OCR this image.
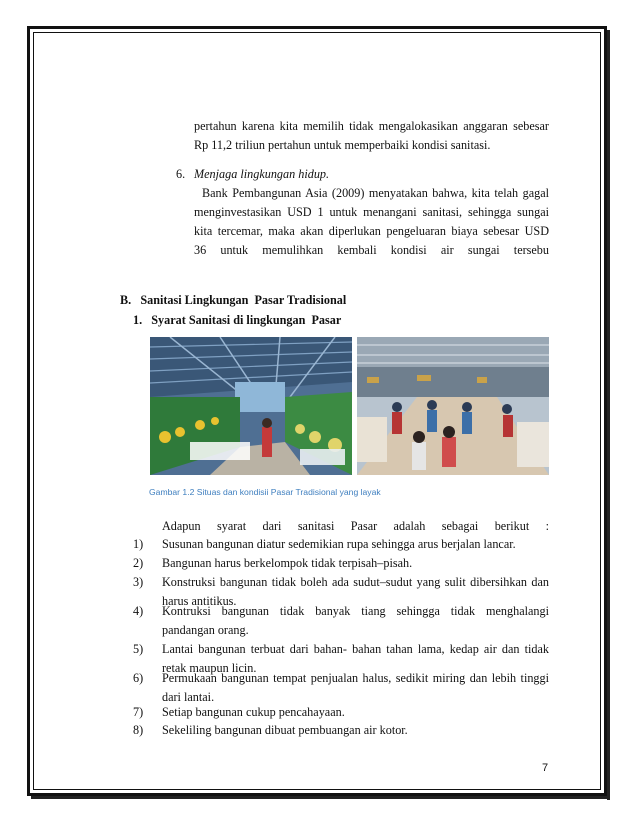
pertahun karena kita memilih tidak mengalokasikan anggaran sebesar
Rp 11,2 triliun pertahun untuk memperbaiki kondisi sanitasi.
6. Menjaga lingkungan hidup.
Bank Pembangunan Asia (2009) menyatakan bahwa, kita telah gagal
menginvestasikan USD 1 untuk menangani sanitasi, sehingga sungai
kita tercemar, maka akan diperlukan pengeluaran biaya sebesar USD
36 untuk memulihkan kembali kondisi air sungai tersebu
B.   Sanitasi Lingkungan  Pasar Tradisional
1.   Syarat Sanitasi di lingkungan  Pasar
Gambar 1.2 Situas dan kondisii Pasar Tradisional yang layak
Adapun syarat dari sanitasi Pasar adalah sebagai berikut :
1) Susunan bangunan diatur sedemikian rupa sehingga arus berjalan lancar.
2) Bangunan harus berkelompok tidak terpisah–pisah.
3) Konstruksi bangunan tidak boleh ada sudut–sudut yang sulit dibersihkan dan
harus antitikus.
4) Kontruksi bangunan tidak banyak tiang sehingga tidak menghalangi
pandangan orang.
5) Lantai bangunan terbuat dari bahan- bahan tahan lama, kedap air dan tidak
retak maupun licin.
6) Permukaan bangunan tempat penjualan halus, sedikit miring dan lebih tinggi
dari lantai.
7) Setiap bangunan cukup pencahayaan.
8) Sekeliling bangunan dibuat pembuangan air kotor.
7
